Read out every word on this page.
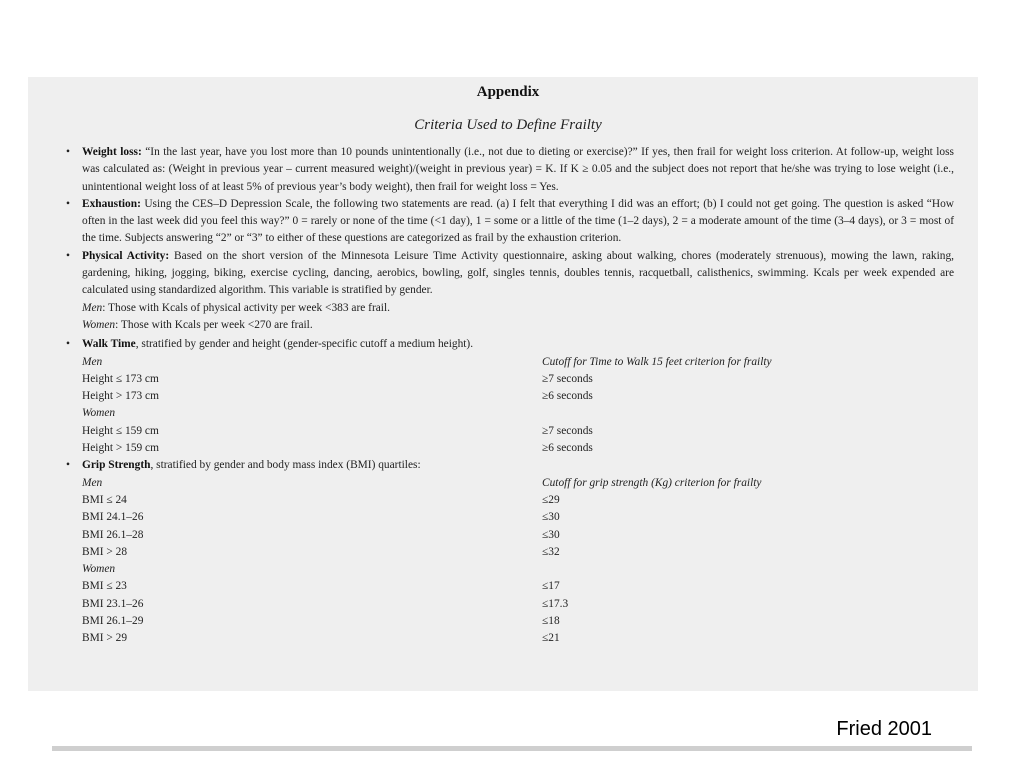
Appendix
Criteria Used to Define Frailty
• Weight loss: “In the last year, have you lost more than 10 pounds unintentionally (i.e., not due to dieting or exercise)?” If yes, then frail for weight loss criterion. At follow-up, weight loss was calculated as: (Weight in previous year – current measured weight)/(weight in previous year) = K. If K ≥ 0.05 and the subject does not report that he/she was trying to lose weight (i.e., unintentional weight loss of at least 5% of previous year’s body weight), then frail for weight loss = Yes.
• Exhaustion: Using the CES–D Depression Scale, the following two statements are read. (a) I felt that everything I did was an effort; (b) I could not get going. The question is asked “How often in the last week did you feel this way?” 0 = rarely or none of the time (<1 day), 1 = some or a little of the time (1–2 days), 2 = a moderate amount of the time (3–4 days), or 3 = most of the time. Subjects answering “2” or “3” to either of these questions are categorized as frail by the exhaustion criterion.
• Physical Activity: Based on the short version of the Minnesota Leisure Time Activity questionnaire, asking about walking, chores (moderately strenuous), mowing the lawn, raking, gardening, hiking, jogging, biking, exercise cycling, dancing, aerobics, bowling, golf, singles tennis, doubles tennis, racquetball, calisthenics, swimming. Kcals per week expended are calculated using standardized algorithm. This variable is stratified by gender.
Men: Those with Kcals of physical activity per week <383 are frail.
Women: Those with Kcals per week <270 are frail.
• Walk Time, stratified by gender and height (gender-specific cutoff a medium height).
Men	Cutoff for Time to Walk 15 feet criterion for frailty
Height ≤ 173 cm	≥7 seconds
Height > 173 cm	≥6 seconds
Women
Height ≤ 159 cm	≥7 seconds
Height > 159 cm	≥6 seconds
• Grip Strength, stratified by gender and body mass index (BMI) quartiles:
Men	Cutoff for grip strength (Kg) criterion for frailty
BMI ≤ 24	≤29
BMI 24.1–26	≤30
BMI 26.1–28	≤30
BMI > 28	≤32
Women
BMI ≤ 23	≤17
BMI 23.1–26	≤17.3
BMI 26.1–29	≤18
BMI > 29	≤21
Fried 2001
